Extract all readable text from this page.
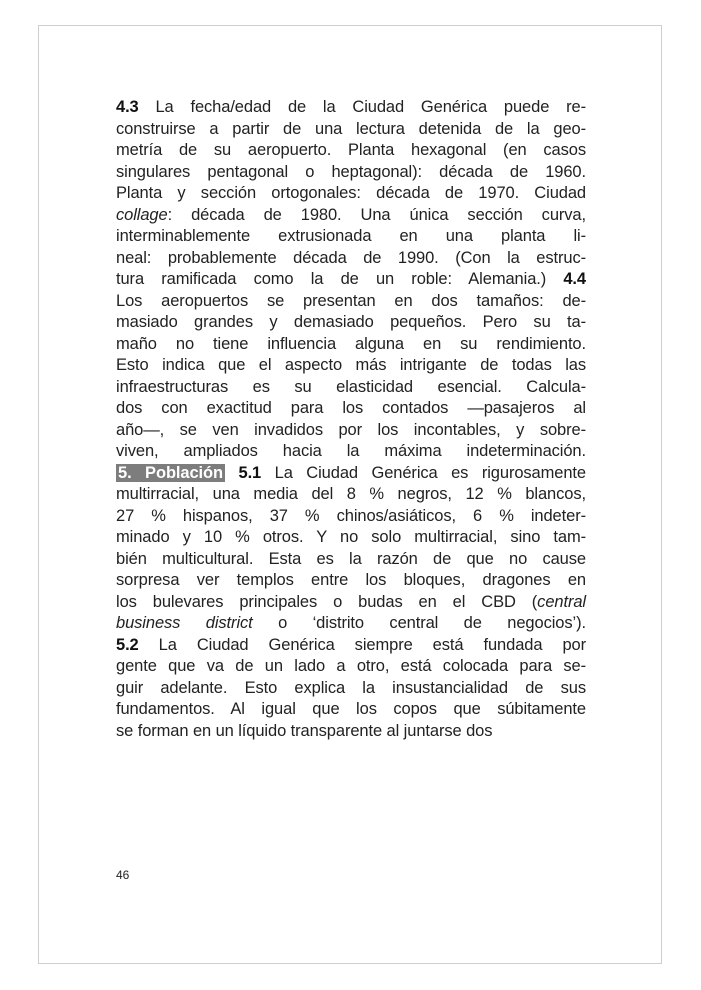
4.3 La fecha/edad de la Ciudad Genérica puede re-
construirse a partir de una lectura detenida de la geo-
metría de su aeropuerto. Planta hexagonal (en casos
singulares pentagonal o heptagonal): década de 1960.
Planta y sección ortogonales: década de 1970. Ciudad
collage: década de 1980. Una única sección curva,
interminablemente extrusionada en una planta li-
neal: probablemente década de 1990. (Con la estruc-
tura ramificada como la de un roble: Alemania.) 4.4
Los aeropuertos se presentan en dos tamaños: de-
masiado grandes y demasiado pequeños. Pero su ta-
maño no tiene influencia alguna en su rendimiento.
Esto indica que el aspecto más intrigante de todas las
infraestructuras es su elasticidad esencial. Calcula-
dos con exactitud para los contados —pasajeros al
año—, se ven invadidos por los incontables, y sobre-
viven, ampliados hacia la máxima indeterminación.
5. Población 5.1 La Ciudad Genérica es rigurosamente
multirracial, una media del 8 % negros, 12 % blancos,
27 % hispanos, 37 % chinos/asiáticos, 6 % indeter-
minado y 10 % otros. Y no solo multirracial, sino tam-
bién multicultural. Esta es la razón de que no cause
sorpresa ver templos entre los bloques, dragones en
los bulevares principales o budas en el CBD (central
business district o ‘distrito central de negocios’).
5.2 La Ciudad Genérica siempre está fundada por
gente que va de un lado a otro, está colocada para se-
guir adelante. Esto explica la insustancialidad de sus
fundamentos. Al igual que los copos que súbitamente
se forman en un líquido transparente al juntarse dos
46
